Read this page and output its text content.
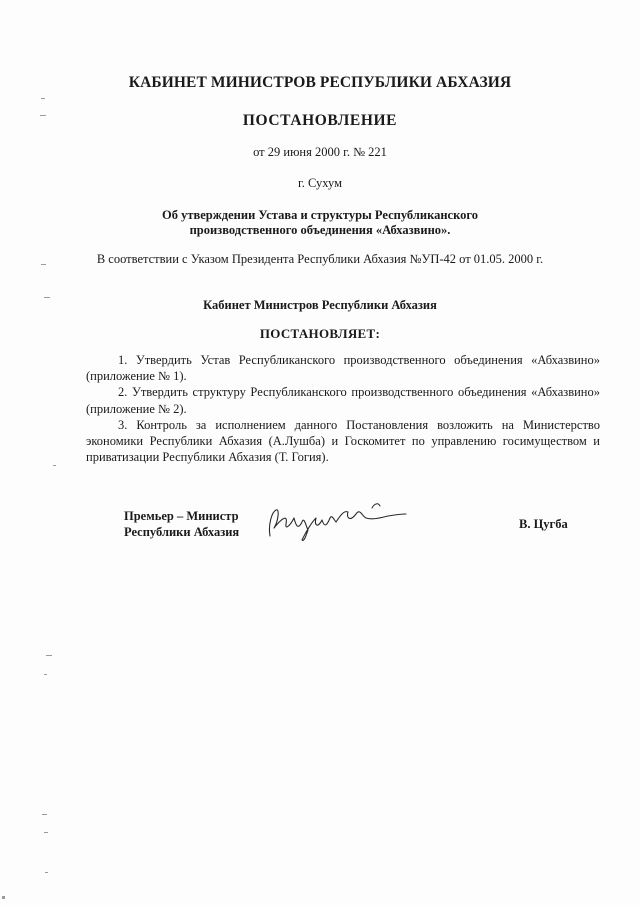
КАБИНЕТ МИНИСТРОВ РЕСПУБЛИКИ АБХАЗИЯ
ПОСТАНОВЛЕНИЕ
от 29 июня 2000 г. № 221
г. Сухум
Об утверждении Устава и структуры Республиканского
производственного объединения «Абхазвино».
В соответствии с Указом Президента Республики Абхазия №УП-42 от 01.05. 2000 г.
Кабинет Министров Республики Абхазия
ПОСТАНОВЛЯЕТ:

1. Утвердить Устав Республиканского производственного объединения «Абхазвино» (приложение № 1).

2. Утвердить структуру Республиканского производственного объединения «Абхазвино» (приложение № 2).

3. Контроль за исполнением данного Постановления возложить на Министерство экономики Республики Абхазия (А.Лушба) и Госкомитет по управлению госимуществом и приватизации Республики Абхазия (Т. Гогия).

Премьер – Министр
Республики Абхазия
В. Цугба
